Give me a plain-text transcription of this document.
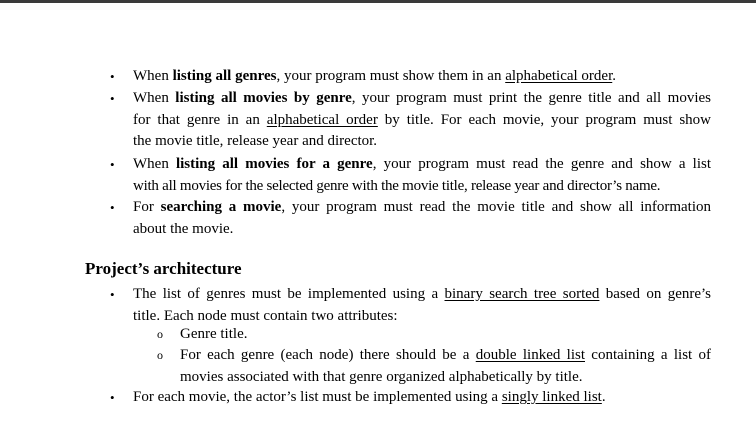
• When listing all genres, your program must show them in an alphabetical order.
• When listing all movies by genre, your program must print the genre title and all movies
for that genre in an alphabetical order by title. For each movie, your program must show
the movie title, release year and director.
• When listing all movies for a genre, your program must read the genre and show a list
with all movies for the selected genre with the movie title, release year and director’s name.
• For searching a movie, your program must read the movie title and show all information
about the movie.
Project’s architecture
• The list of genres must be implemented using a binary search tree sorted based on genre’s
title. Each node must contain two attributes:
o Genre title.
o For each genre (each node) there should be a double linked list containing a list of
movies associated with that genre organized alphabetically by title.
• For each movie, the actor’s list must be implemented using a singly linked list.
